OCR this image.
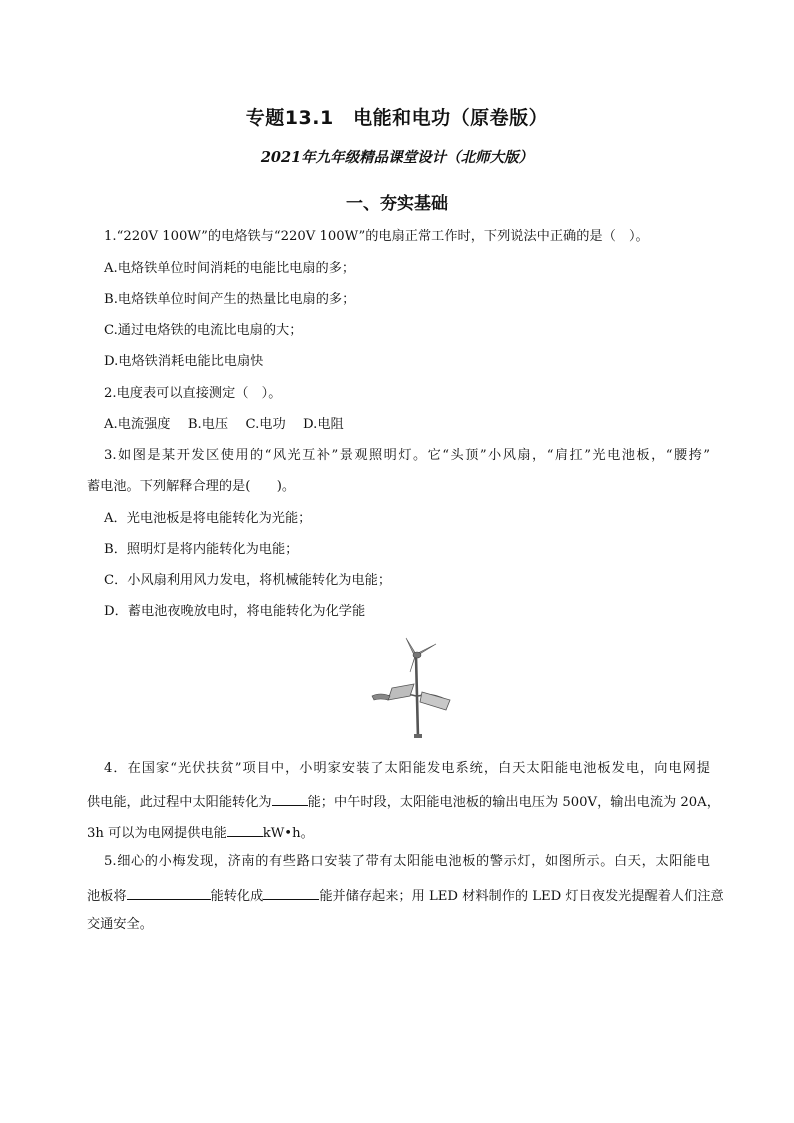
专题13.1　电能和电功（原卷版）
2021年九年级精品课堂设计（北师大版）
一、夯实基础
1.“220V 100W”的电烙铁与“220V 100W”的电扇正常工作时，下列说法中正确的是（　）。
A.电烙铁单位时间消耗的电能比电扇的多；
B.电烙铁单位时间产生的热量比电扇的多；
C.通过电烙铁的电流比电扇的大；
D.电烙铁消耗电能比电扇快
2.电度表可以直接测定（　）。
A.电流强度　 B.电压　 C.电功　 D.电阻
3.如图是某开发区使用的“风光互补”景观照明灯。它“头顶”小风扇，“肩扛”光电池板，“腰挎”
蓄电池。下列解释合理的是(　　)。
A．光电池板是将电能转化为光能；
B．照明灯是将内能转化为电能；
C．小风扇利用风力发电，将机械能转化为电能；
D．蓄电池夜晚放电时，将电能转化为化学能
4．在国家“光伏扶贫”项目中，小明家安装了太阳能发电系统，白天太阳能电池板发电，向电网提
供电能，此过程中太阳能转化为	能；中午时段，太阳能电池板的输出电压为 500V，输出电流为 20A，
3h 可以为电网提供电能	kW•h。
5.细心的小梅发现，济南的有些路口安装了带有太阳能电池板的警示灯，如图所示。白天，太阳能电
池板将	能转化成	能并储存起来；用 LED 材料制作的 LED 灯日夜发光提醒着人们注意
交通安全。
